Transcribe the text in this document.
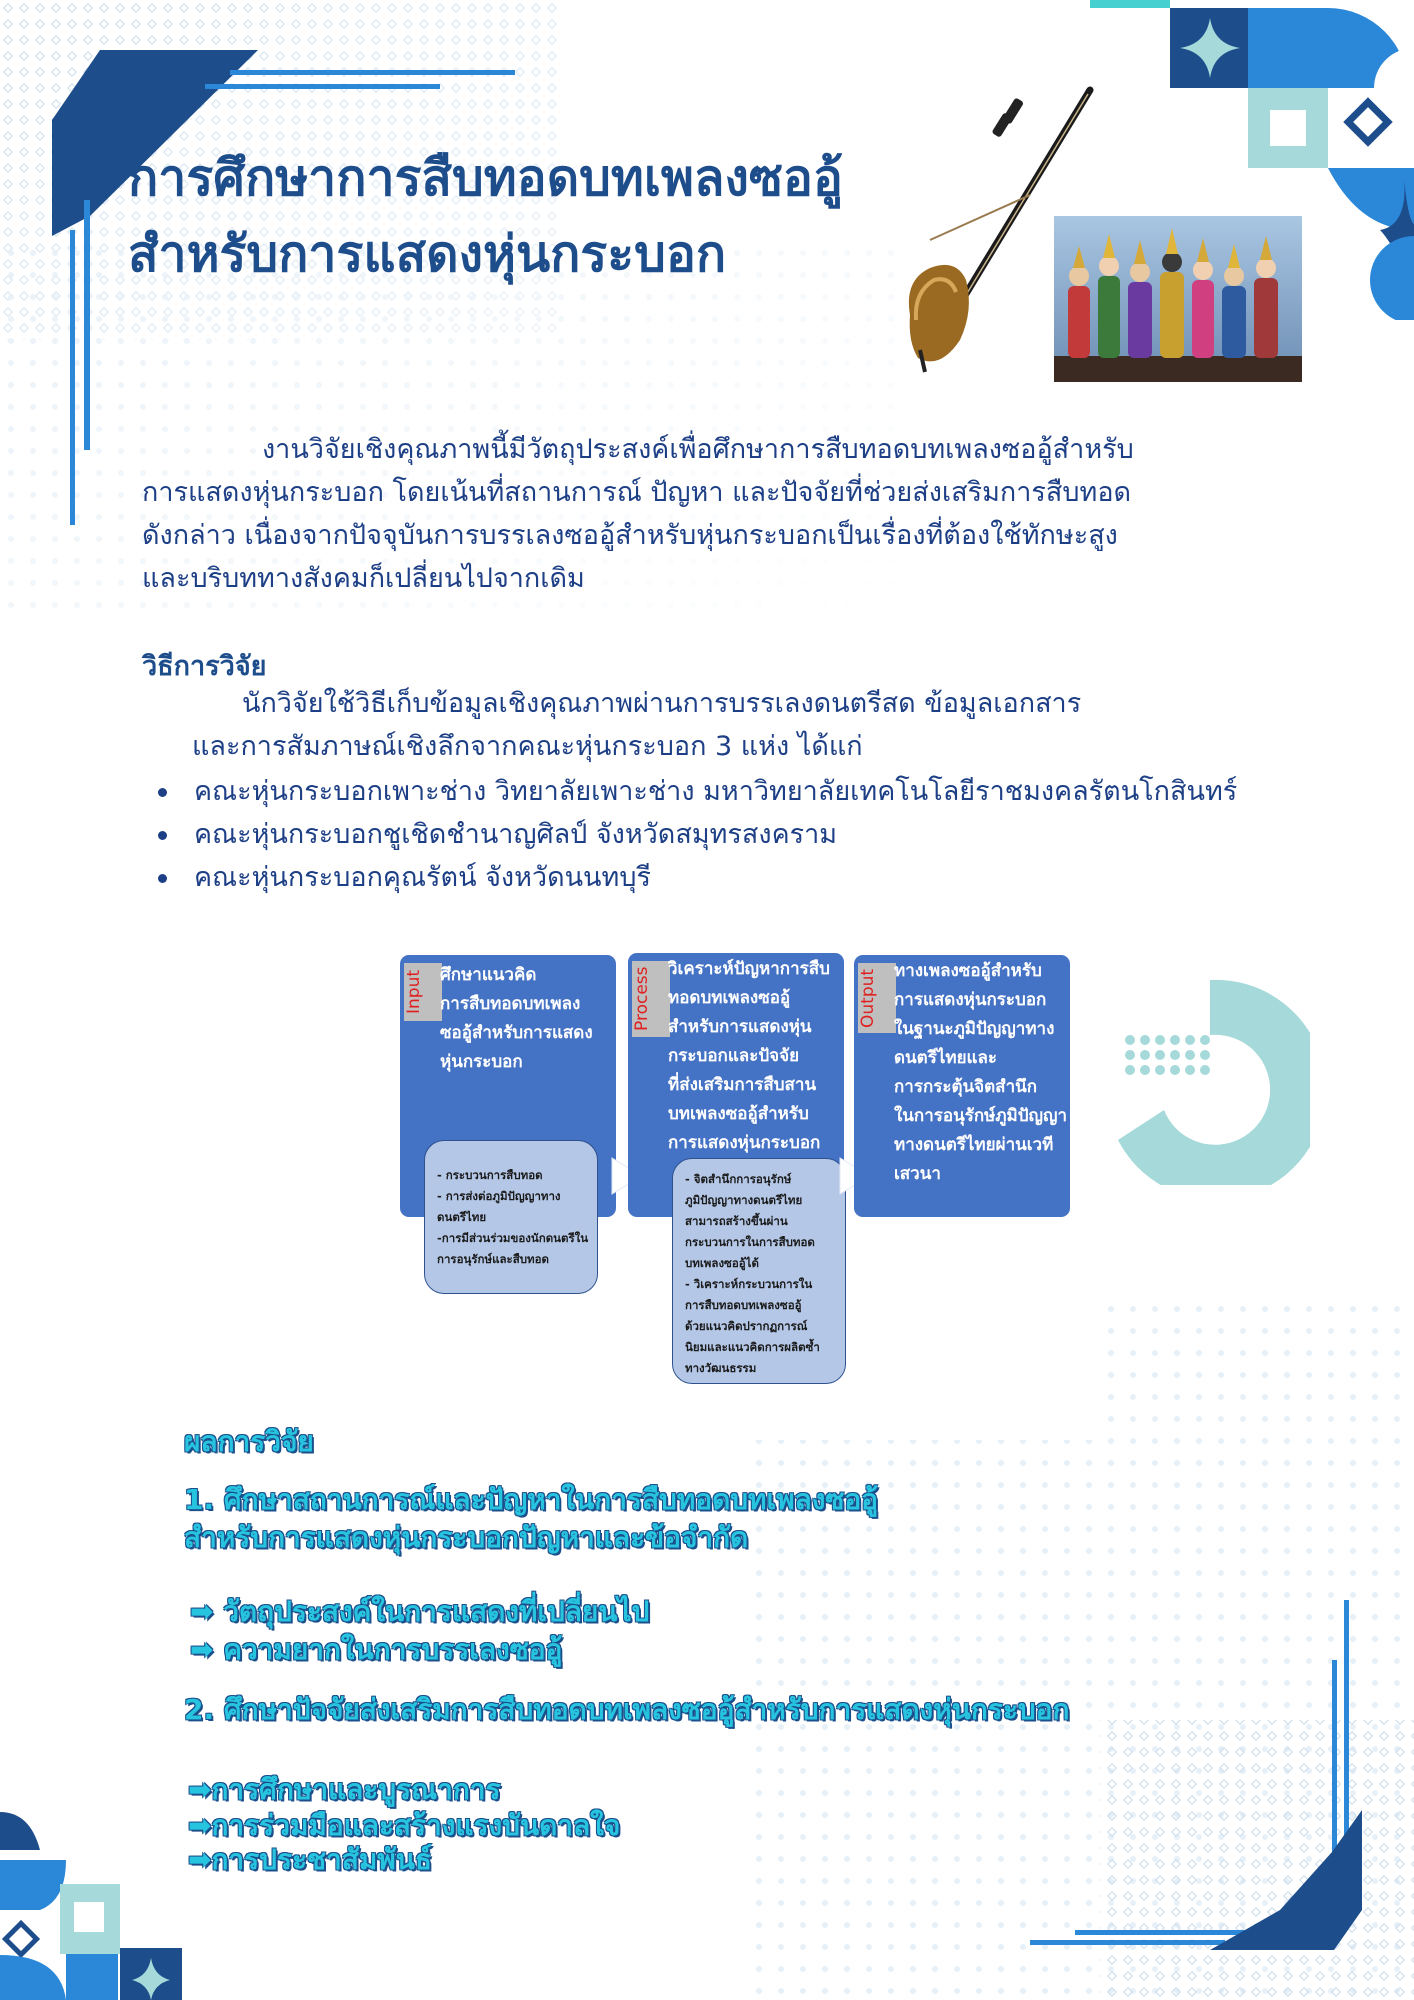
การศึกษาการสืบทอดบทเพลงซออู้
สำหรับการแสดงหุ่นกระบอก
งานวิจัยเชิงคุณภาพนี้มีวัตถุประสงค์เพื่อศึกษาการสืบทอดบทเพลงซออู้สำหรับ
การแสดงหุ่นกระบอก โดยเน้นที่สถานการณ์ ปัญหา และปัจจัยที่ช่วยส่งเสริมการสืบทอด
ดังกล่าว เนื่องจากปัจจุบันการบรรเลงซออู้สำหรับหุ่นกระบอกเป็นเรื่องที่ต้องใช้ทักษะสูง
และบริบททางสังคมก็เปลี่ยนไปจากเดิม
วิธีการวิจัย
นักวิจัยใช้วิธีเก็บข้อมูลเชิงคุณภาพผ่านการบรรเลงดนตรีสด ข้อมูลเอกสาร
และการสัมภาษณ์เชิงลึกจากคณะหุ่นกระบอก 3 แห่ง ได้แก่
คณะหุ่นกระบอกเพาะช่าง วิทยาลัยเพาะช่าง มหาวิทยาลัยเทคโนโลยีราชมงคลรัตนโกสินทร์
คณะหุ่นกระบอกชูเชิดชำนาญศิลป์ จังหวัดสมุทรสงคราม
คณะหุ่นกระบอกคุณรัตน์ จังหวัดนนทบุรี
Input ศึกษาแนวคิด
การสืบทอดบทเพลง
ซออู้สำหรับการแสดง
หุ่นกระบอก
- กระบวนการสืบทอด
- การส่งต่อภูมิปัญญาทาง
ดนตรีไทย
-การมีส่วนร่วมของนักดนตรีใน
การอนุรักษ์และสืบทอด
Process วิเคราะห์ปัญหาการสืบ
ทอดบทเพลงซออู้
สำหรับการแสดงหุ่น
กระบอกและปัจจัย
ที่ส่งเสริมการสืบสาน
บทเพลงซออู้สำหรับ
การแสดงหุ่นกระบอก
- จิตสำนึกการอนุรักษ์
ภูมิปัญญาทางดนตรีไทย
สามารถสร้างขึ้นผ่าน
กระบวนการในการสืบทอด
บทเพลงซออู้ได้
- วิเคราะห์กระบวนการใน
การสืบทอดบทเพลงซออู้
ด้วยแนวคิดปรากฏการณ์
นิยมและแนวคิดการผลิตซ้ำ
ทางวัฒนธรรม
Output ทางเพลงซออู้สำหรับ
การแสดงหุ่นกระบอก
ในฐานะภูมิปัญญาทาง
ดนตรีไทยและ
การกระตุ้นจิตสำนึก
ในการอนุรักษ์ภูมิปัญญา
ทางดนตรีไทยผ่านเวที
เสวนา
ผลการวิจัย
1. ศึกษาสถานการณ์และปัญหาในการสืบทอดบทเพลงซออู้
สำหรับการแสดงหุ่นกระบอกปัญหาและข้อจำกัด
➡ วัตถุประสงค์ในการแสดงที่เปลี่ยนไป
➡ ความยากในการบรรเลงซออู้
2. ศึกษาปัจจัยส่งเสริมการสืบทอดบทเพลงซออู้สำหรับการแสดงหุ่นกระบอก
➡การศึกษาและบูรณาการ
➡การร่วมมือและสร้างแรงบันดาลใจ
➡การประชาสัมพันธ์
